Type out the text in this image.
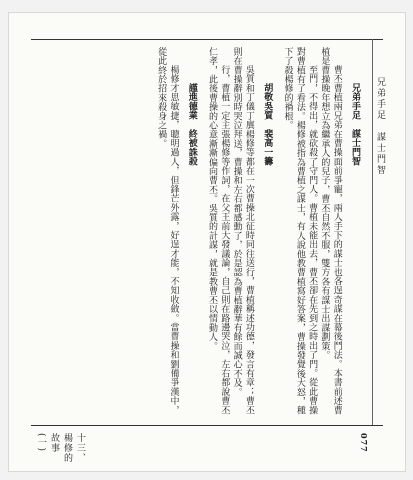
兄弟手足　謀士門智

兄弟手足　謀士門智

曹丕曹植兩兄弟在曹操面前爭寵，兩人手下的謀士也各逞奇謀在幕後鬥法。本書前述曹植是曹操晚年想立為繼承人的兒子，曹丕自然不服，雙方各有謀士出謀劃策。

至門，不得出，就砍殺了守門人。曹植未能出去，曹丕卻在先到之時出了門。從此曹操對曹植有了看法。楊修被指為曹植之謀士，有人說他教曹植寫好答案，曹操發覺後大怒，種下了殺楊修的禍根。

胡敬吳質　裴高一籌

吳質和丁儀丁廙楊修等都在一次曹操北征時同往送行，曹植稱述功德，發言有章；曹丕則在曹操辭別時哭泣拜送，曹操和左右都感動了，於是認為曹植辭華有餘而誠心不及。

行，曹植一定主張楊修等作詞，在父王前大發議論，自己則在路邊哭泣，左右都說曹丕仁孝，此後曹操的心意漸漸偏向曹丕。吳質的計謀，就是教曹丕以情動人。

謹進德業　終被誅殺

楊修才思敏捷，聰明過人，但鋒芒外露，好逞才能，不知收斂。當曹操和劉備爭漢中，從此終於招來殺身之禍。

十三、楊修的故事(一)	077
